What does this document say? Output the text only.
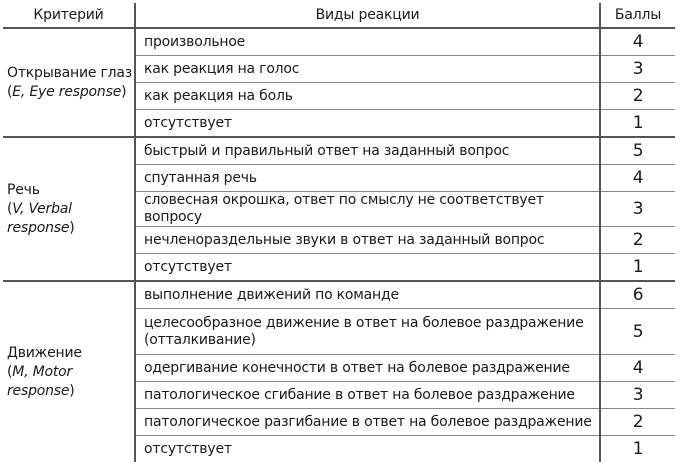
Критерий	Виды реакции	Баллы

Открывание глаз
(E, Eye response)	произвольное	4
	как реакция на голос	3
	как реакция на боль	2
	отсутствует	1

Речь
(V, Verbal
response)	быстрый и правильный ответ на заданный вопрос	5
	спутанная речь	4
	словесная окрошка, ответ по смыслу не соответствует вопросу	3
	нечленораздельные звуки в ответ на заданный вопрос	2
	отсутствует	1

Движение
(M, Motor
response)	выполнение движений по команде	6

	целесообразное движение в ответ на болевое раздражение
(отталкивание)	5
	одергивание конечности в ответ на болевое раздражение	4
	патологическое сгибание в ответ на болевое раздражение	3
	патологическое разгибание в ответ на болевое раздражение	2
	отсутствует	1
